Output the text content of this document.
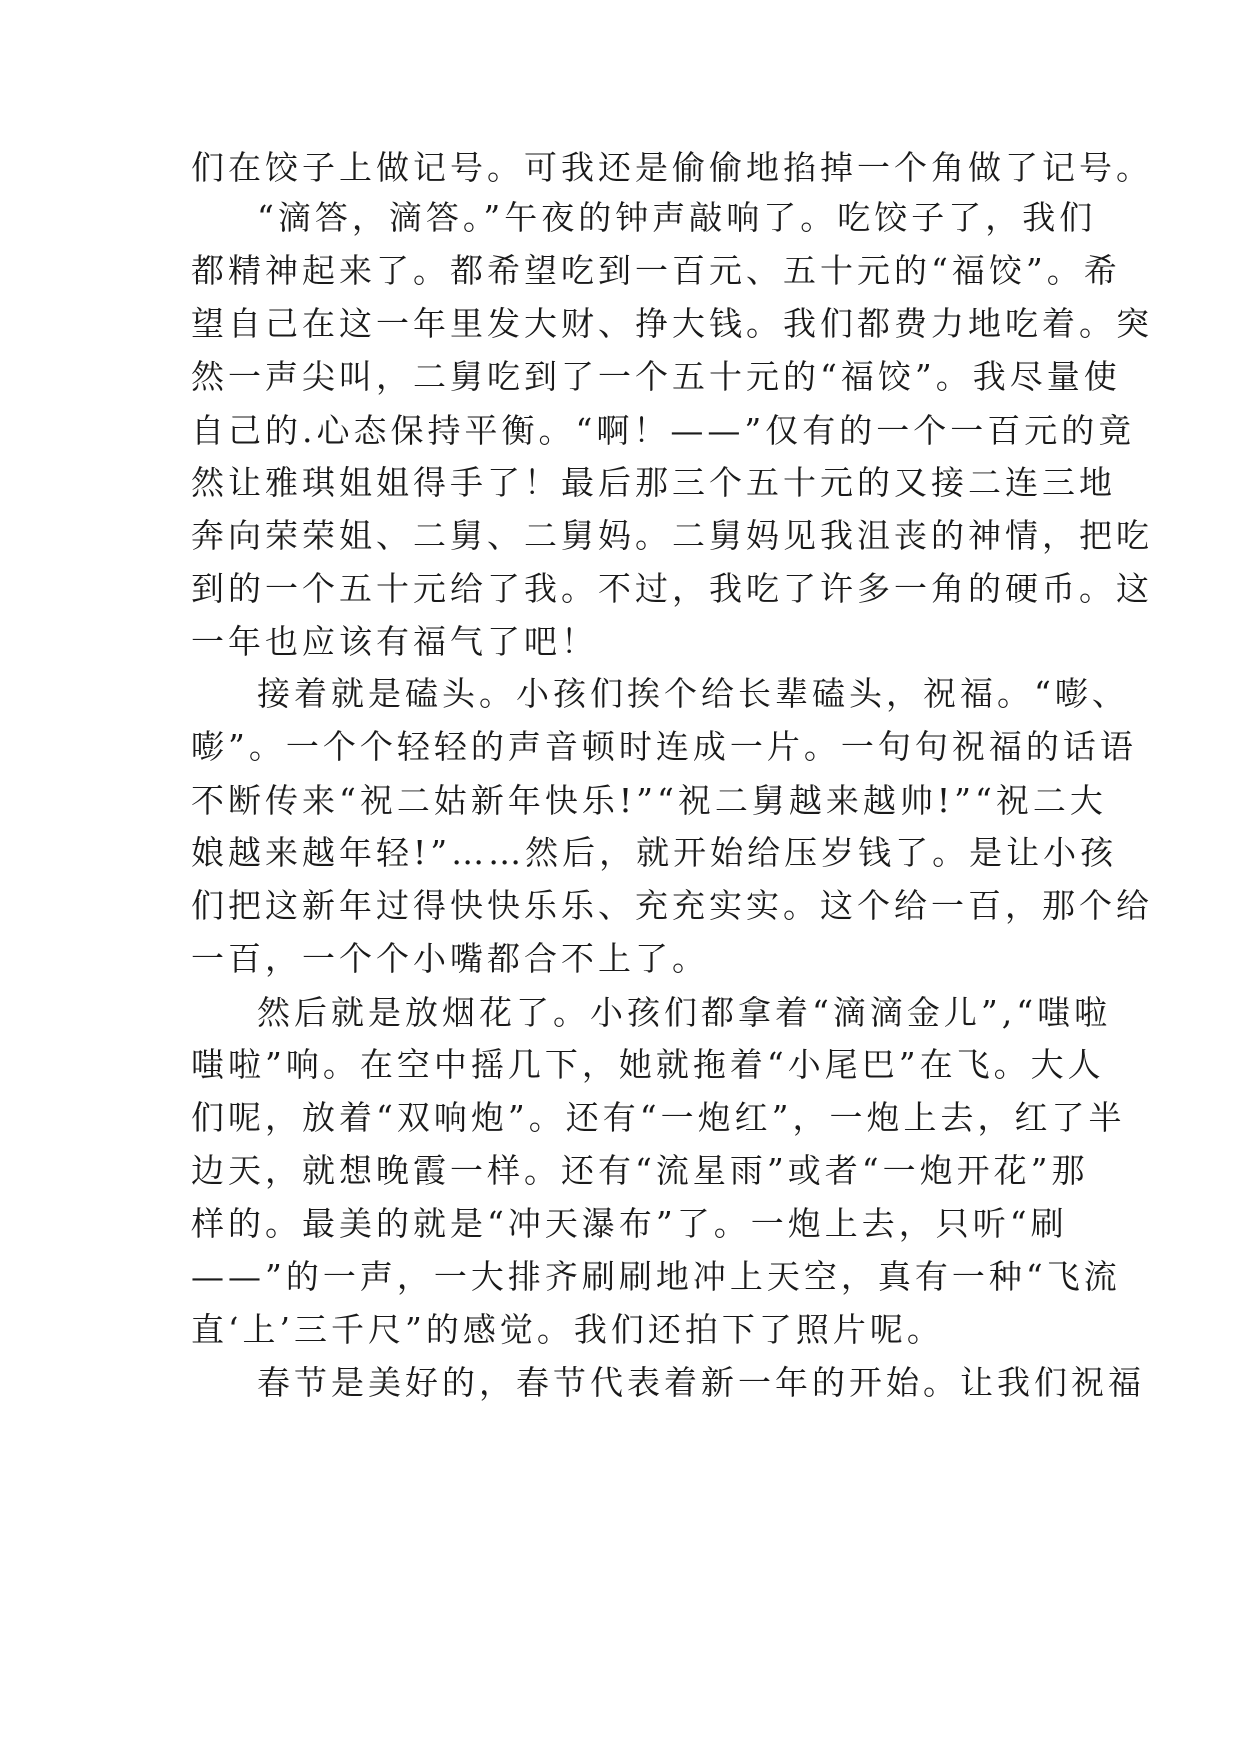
们在饺子上做记号。可我还是偷偷地掐掉一个角做了记号。
“滴答，滴答。”午夜的钟声敲响了。吃饺子了，我们
都精神起来了。都希望吃到一百元、五十元的“福饺”。希
望自己在这一年里发大财、挣大钱。我们都费力地吃着。突
然一声尖叫，二舅吃到了一个五十元的“福饺”。我尽量使
自己的.心态保持平衡。“啊！——”仅有的一个一百元的竟
然让雅琪姐姐得手了！最后那三个五十元的又接二连三地
奔向荣荣姐、二舅、二舅妈。二舅妈见我沮丧的神情，把吃
到的一个五十元给了我。不过，我吃了许多一角的硬币。这
一年也应该有福气了吧！
接着就是磕头。小孩们挨个给长辈磕头，祝福。“嘭、
嘭”。一个个轻轻的声音顿时连成一片。一句句祝福的话语
不断传来“祝二姑新年快乐!”“祝二舅越来越帅!”“祝二大
娘越来越年轻!”……然后，就开始给压岁钱了。是让小孩
们把这新年过得快快乐乐、充充实实。这个给一百，那个给
一百，一个个小嘴都合不上了。
然后就是放烟花了。小孩们都拿着“滴滴金儿”,“嗤啦
嗤啦”响。在空中摇几下，她就拖着“小尾巴”在飞。大人
们呢，放着“双响炮”。还有“一炮红”，一炮上去，红了半
边天，就想晚霞一样。还有“流星雨”或者“一炮开花”那
样的。最美的就是“冲天瀑布”了。一炮上去，只听“刷
——”的一声，一大排齐刷刷地冲上天空，真有一种“飞流
直‘上’三千尺”的感觉。我们还拍下了照片呢。
春节是美好的，春节代表着新一年的开始。让我们祝福
